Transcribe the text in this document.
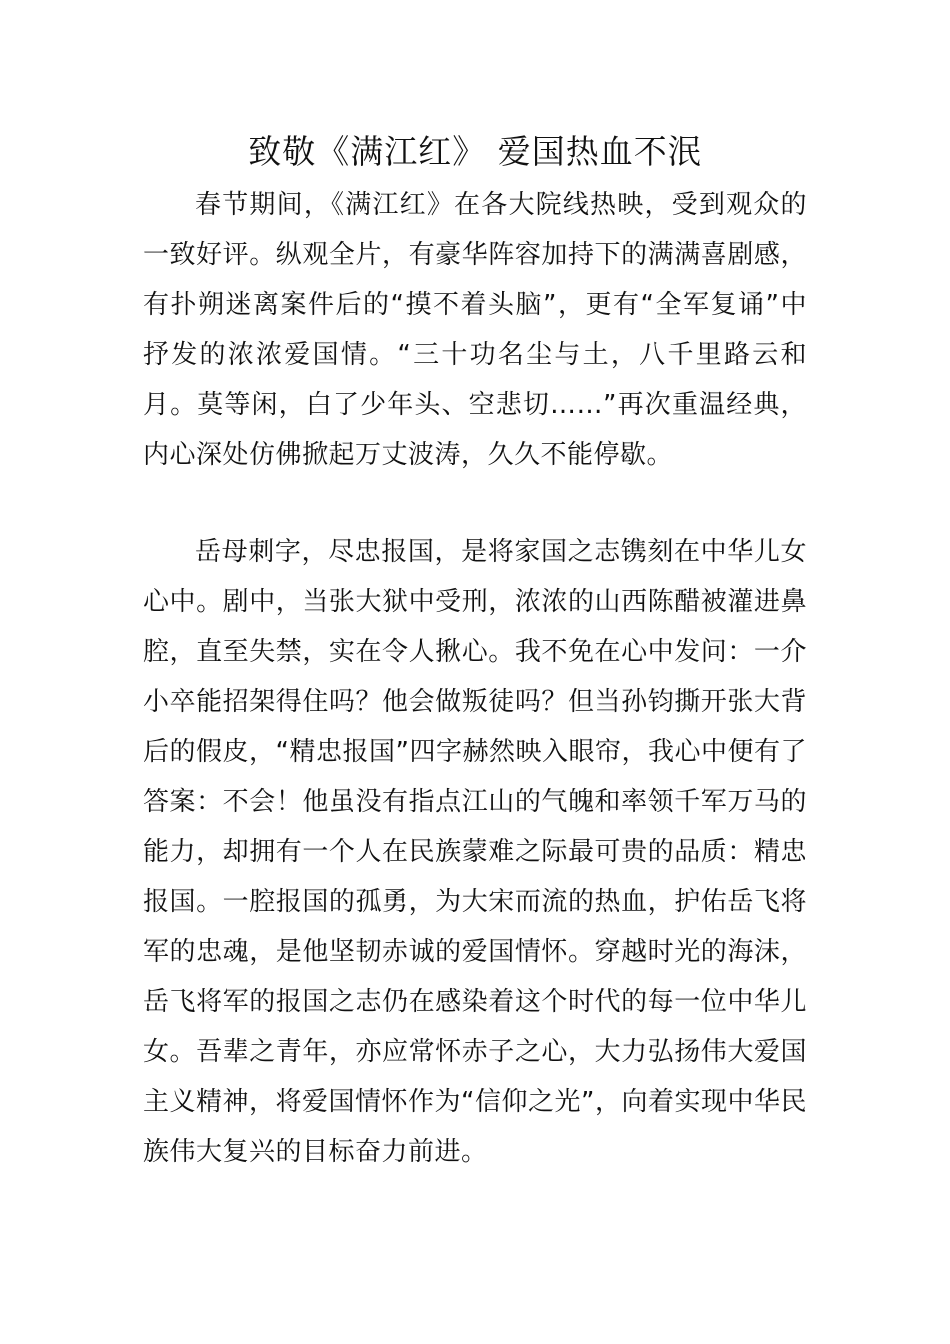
致敬《满江红》 爱国热血不泯

春节期间，《满江红》在各大院线热映，受到观众的一致好评。纵观全片，有豪华阵容加持下的满满喜剧感，有扑朔迷离案件后的“摸不着头脑”，更有“全军复诵”中抒发的浓浓爱国情。“三十功名尘与土，八千里路云和月。莫等闲，白了少年头、空悲切……”再次重温经典，内心深处仿佛掀起万丈波涛，久久不能停歇。

岳母刺字，尽忠报国，是将家国之志镌刻在中华儿女心中。剧中，当张大狱中受刑，浓浓的山西陈醋被灌进鼻腔，直至失禁，实在令人揪心。我不免在心中发问：一介小卒能招架得住吗？他会做叛徒吗？但当孙钧撕开张大背后的假皮，“精忠报国”四字赫然映入眼帘，我心中便有了答案：不会！他虽没有指点江山的气魄和率领千军万马的能力，却拥有一个人在民族蒙难之际最可贵的品质：精忠报国。一腔报国的孤勇，为大宋而流的热血，护佑岳飞将军的忠魂，是他坚韧赤诚的爱国情怀。穿越时光的海沫，岳飞将军的报国之志仍在感染着这个时代的每一位中华儿女。吾辈之青年，亦应常怀赤子之心，大力弘扬伟大爱国主义精神，将爱国情怀作为“信仰之光”，向着实现中华民族伟大复兴的目标奋力前进。
